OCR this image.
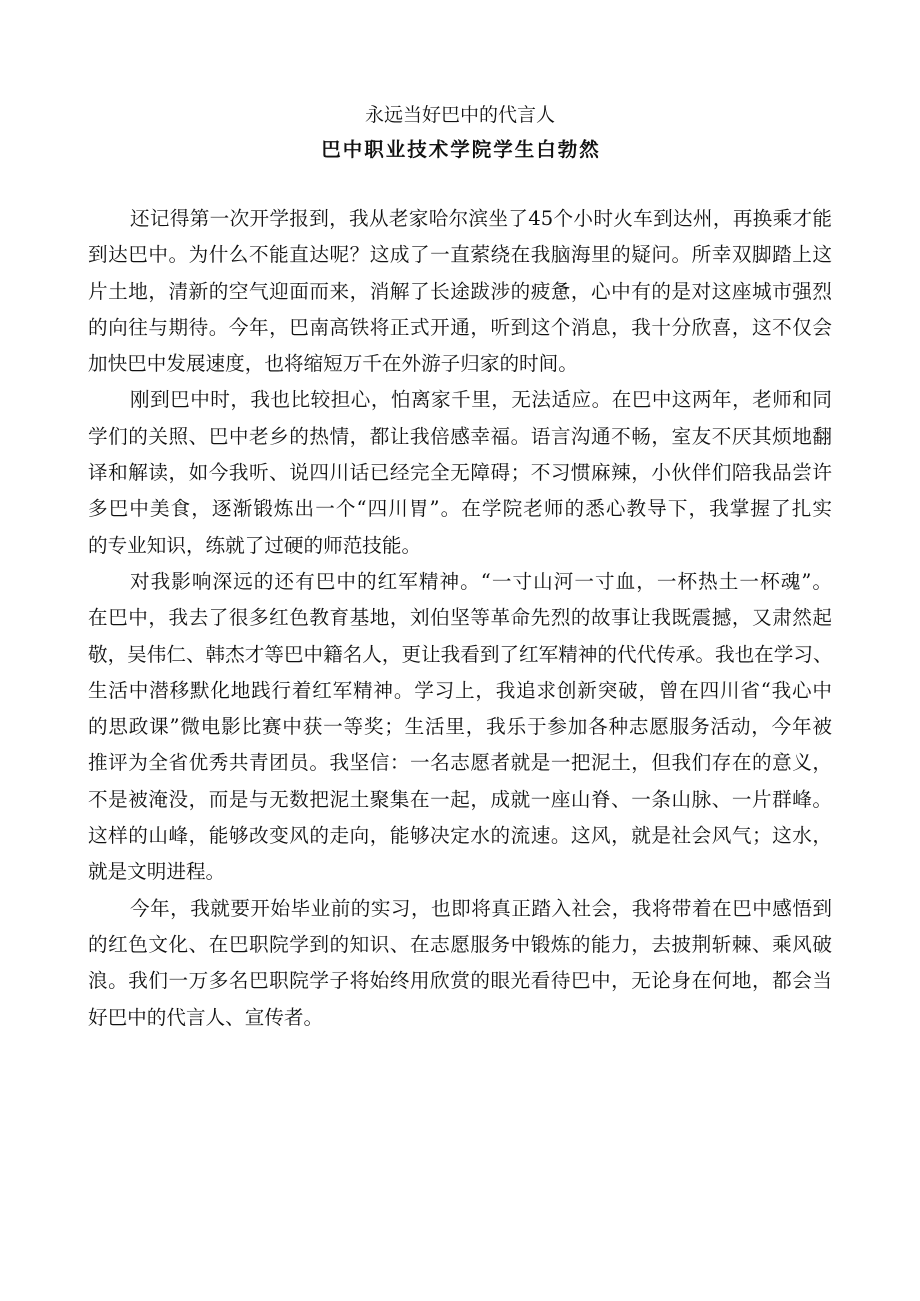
永远当好巴中的代言人
巴中职业技术学院学生白勃然
还记得第一次开学报到，我从老家哈尔滨坐了45个小时火车到达州，再换乘才能
到达巴中。为什么不能直达呢？这成了一直萦绕在我脑海里的疑问。所幸双脚踏上这
片土地，清新的空气迎面而来，消解了长途跋涉的疲惫，心中有的是对这座城市强烈
的向往与期待。今年，巴南高铁将正式开通，听到这个消息，我十分欣喜，这不仅会
加快巴中发展速度，也将缩短万千在外游子归家的时间。
刚到巴中时，我也比较担心，怕离家千里，无法适应。在巴中这两年，老师和同
学们的关照、巴中老乡的热情，都让我倍感幸福。语言沟通不畅，室友不厌其烦地翻
译和解读，如今我听、说四川话已经完全无障碍；不习惯麻辣，小伙伴们陪我品尝许
多巴中美食，逐渐锻炼出一个“四川胃”。在学院老师的悉心教导下，我掌握了扎实
的专业知识，练就了过硬的师范技能。
对我影响深远的还有巴中的红军精神。“一寸山河一寸血，一杯热土一杯魂”。
在巴中，我去了很多红色教育基地，刘伯坚等革命先烈的故事让我既震撼，又肃然起
敬，吴伟仁、韩杰才等巴中籍名人，更让我看到了红军精神的代代传承。我也在学习、
生活中潜移默化地践行着红军精神。学习上，我追求创新突破，曾在四川省“我心中
的思政课”微电影比赛中获一等奖；生活里，我乐于参加各种志愿服务活动，今年被
推评为全省优秀共青团员。我坚信：一名志愿者就是一把泥土，但我们存在的意义，
不是被淹没，而是与无数把泥土聚集在一起，成就一座山脊、一条山脉、一片群峰。
这样的山峰，能够改变风的走向，能够决定水的流速。这风，就是社会风气；这水，
就是文明进程。
今年，我就要开始毕业前的实习，也即将真正踏入社会，我将带着在巴中感悟到
的红色文化、在巴职院学到的知识、在志愿服务中锻炼的能力，去披荆斩棘、乘风破
浪。我们一万多名巴职院学子将始终用欣赏的眼光看待巴中，无论身在何地，都会当
好巴中的代言人、宣传者。
